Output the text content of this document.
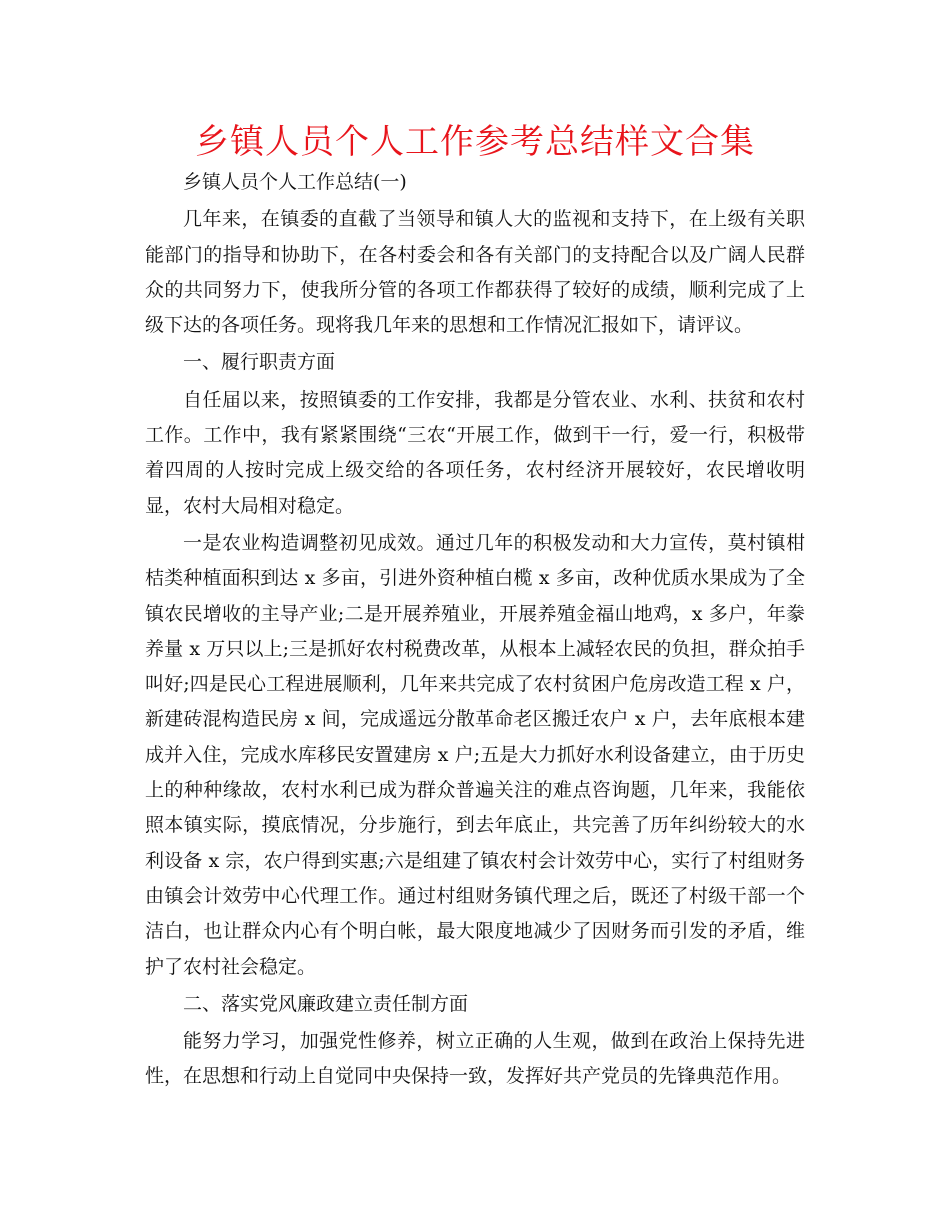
乡镇人员个人工作参考总结样文合集

乡镇人员个人工作总结(一)

几年来，在镇委的直截了当领导和镇人大的监视和支持下，在上级有关职能部门的指导和协助下，在各村委会和各有关部门的支持配合以及广阔人民群众的共同努力下，使我所分管的各项工作都获得了较好的成绩，顺利完成了上级下达的各项任务。现将我几年来的思想和工作情况汇报如下，请评议。

一、履行职责方面

自任届以来，按照镇委的工作安排，我都是分管农业、水利、扶贫和农村工作。工作中，我有紧紧围绕“三农“开展工作，做到干一行，爱一行，积极带着四周的人按时完成上级交给的各项任务，农村经济开展较好，农民增收明显，农村大局相对稳定。

一是农业构造调整初见成效。通过几年的积极发动和大力宣传，莫村镇柑桔类种植面积到达 x 多亩，引进外资种植白榄 x 多亩，改种优质水果成为了全镇农民增收的主导产业;二是开展养殖业，开展养殖金福山地鸡，x 多户，年豢养量 x 万只以上;三是抓好农村税费改革，从根本上减轻农民的负担，群众拍手叫好;四是民心工程进展顺利，几年来共完成了农村贫困户危房改造工程 x 户，新建砖混构造民房 x 间，完成遥远分散革命老区搬迁农户 x 户，去年底根本建成并入住，完成水库移民安置建房 x 户;五是大力抓好水利设备建立，由于历史上的种种缘故，农村水利已成为群众普遍关注的难点咨询题，几年来，我能依照本镇实际，摸底情况，分步施行，到去年底止，共完善了历年纠纷较大的水利设备 x 宗，农户得到实惠;六是组建了镇农村会计效劳中心，实行了村组财务由镇会计效劳中心代理工作。通过村组财务镇代理之后，既还了村级干部一个洁白，也让群众内心有个明白帐，最大限度地减少了因财务而引发的矛盾，维护了农村社会稳定。

二、落实党风廉政建立责任制方面

能努力学习，加强党性修养，树立正确的人生观，做到在政治上保持先进性，在思想和行动上自觉同中央保持一致，发挥好共产党员的先锋典范作用。
